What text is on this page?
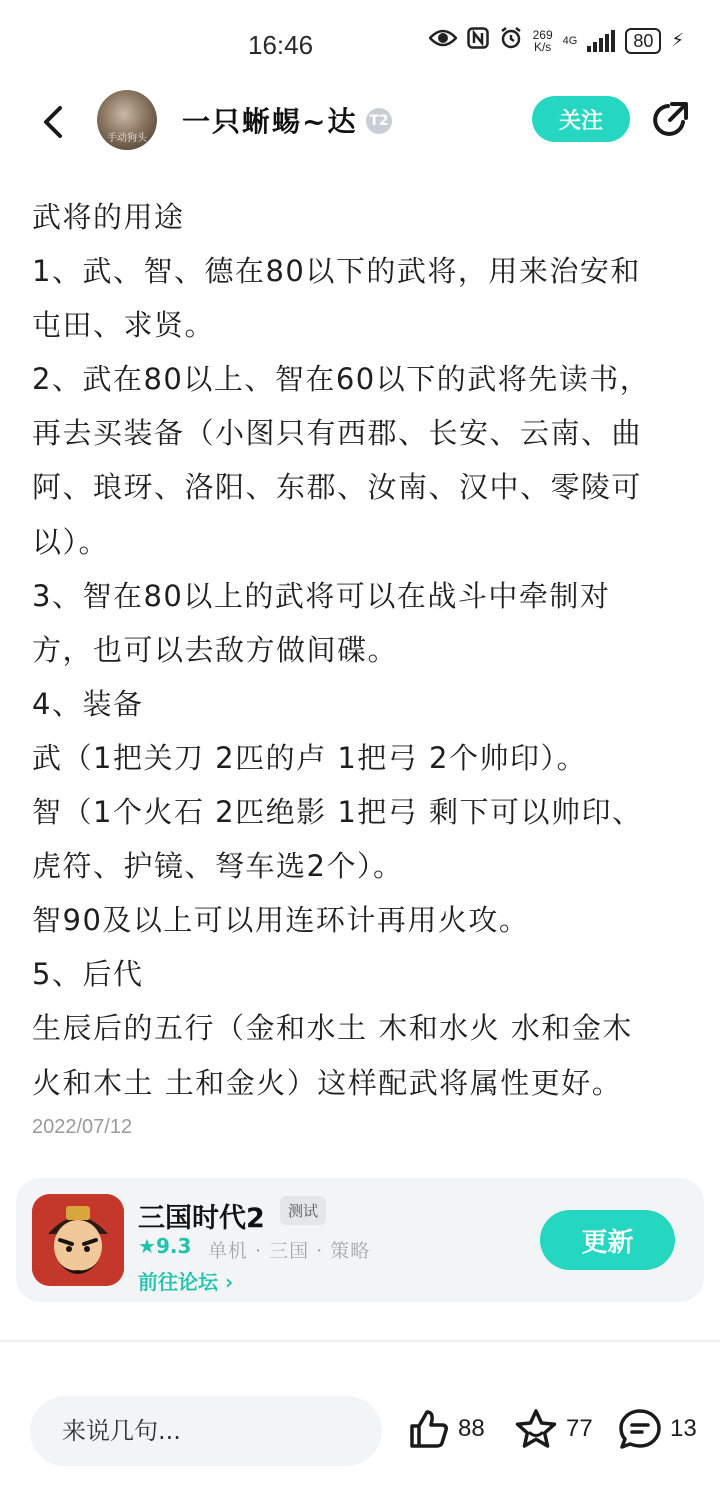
16:46	269
K/s 4G	80	⚡
手动狗头
一只蜥蜴~达 T2	关注

武将的用途

1、武、智、德在80以下的武将，用来治安和

屯田、求贤。

2、武在80以上、智在60以下的武将先读书，

再去买装备（小图只有西郡、长安、云南、曲

阿、琅玡、洛阳、东郡、汝南、汉中、零陵可

以）。

3、智在80以上的武将可以在战斗中牵制对

方，也可以去敌方做间碟。

4、装备

武（1把关刀 2匹的卢 1把弓 2个帅印）。

智（1个火石 2匹绝影 1把弓 剩下可以帅印、

虎符、护镜、弩车选2个）。

智90及以上可以用连环计再用火攻。

5、后代

生辰后的五行（金和水土 木和水火 水和金木

火和木土 土和金火）这样配武将属性更好。

2022/07/12
三国时代2	测试
★9.3 单机 · 三国 · 策略
前往论坛 ›
更新
来说几句...
88	77	13
